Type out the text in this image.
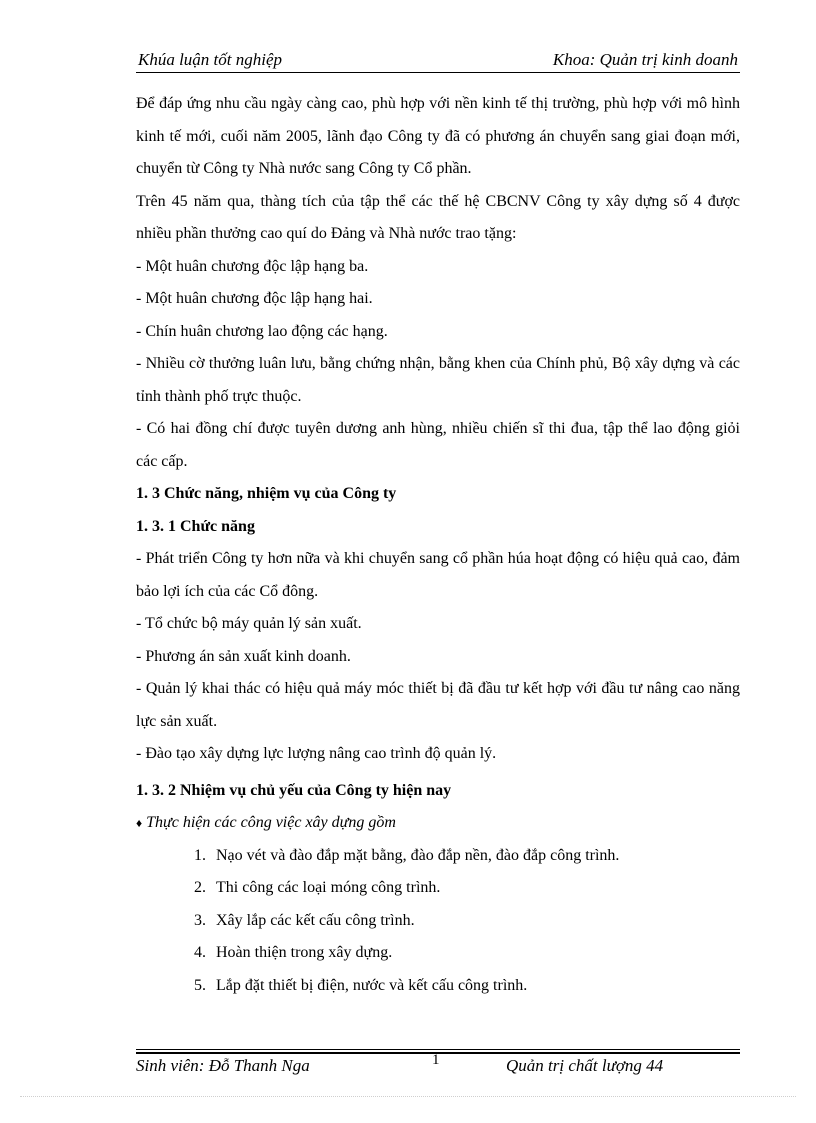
Khúa luận tốt nghiệp	Khoa: Quản trị kinh doanh

Để đáp ứng nhu cầu ngày càng cao, phù hợp với nền kinh tế thị trường, phù hợp với mô hình kinh tế mới, cuối năm 2005, lãnh đạo Công ty đã có phương án chuyển sang giai đoạn mới, chuyển từ Công ty Nhà nước sang Công ty Cổ phần.

Trên 45 năm qua, thàng tích của tập thể các thế hệ CBCNV Công ty xây dựng số 4 được nhiều phần thưởng cao quí do Đảng và Nhà nước trao tặng:

- Một huân chương độc lập hạng ba.

- Một huân chương độc lập hạng hai.

- Chín huân chương lao động các hạng.

- Nhiều cờ thưởng luân lưu, bằng chứng nhận, bằng khen của Chính phủ, Bộ xây dựng và các tỉnh thành phố trực thuộc.

- Có hai đồng chí được tuyên dương anh hùng, nhiều chiến sĩ thi đua, tập thể lao động giỏi các cấp.

1. 3 Chức năng, nhiệm vụ của Công ty

1. 3. 1 Chức năng

- Phát triển Công ty hơn nữa và khi chuyển sang cổ phần húa hoạt động có hiệu quả cao, đảm bảo lợi ích của các Cổ đông.

- Tổ chức bộ máy quản lý sản xuất.

- Phương án sản xuất kinh doanh.

- Quản lý khai thác có hiệu quả máy móc thiết bị đã đầu tư kết hợp với đầu tư nâng cao năng lực sản xuất.

- Đào tạo xây dựng lực lượng nâng cao trình độ quản lý.

1. 3. 2 Nhiệm vụ chủ yếu của Công ty hiện nay

♦ Thực hiện các công việc xây dựng gồm

1. Nạo vét và đào đắp mặt bằng, đào đắp nền, đào đắp công trình.
2. Thi công các loại móng công trình.
3. Xây lắp các kết cấu công trình.
4. Hoàn thiện trong xây dựng.
5. Lắp đặt thiết bị điện, nước và kết cấu công trình.
Sinh viên: Đỗ Thanh Nga	1	Quản trị chất lượng 44
